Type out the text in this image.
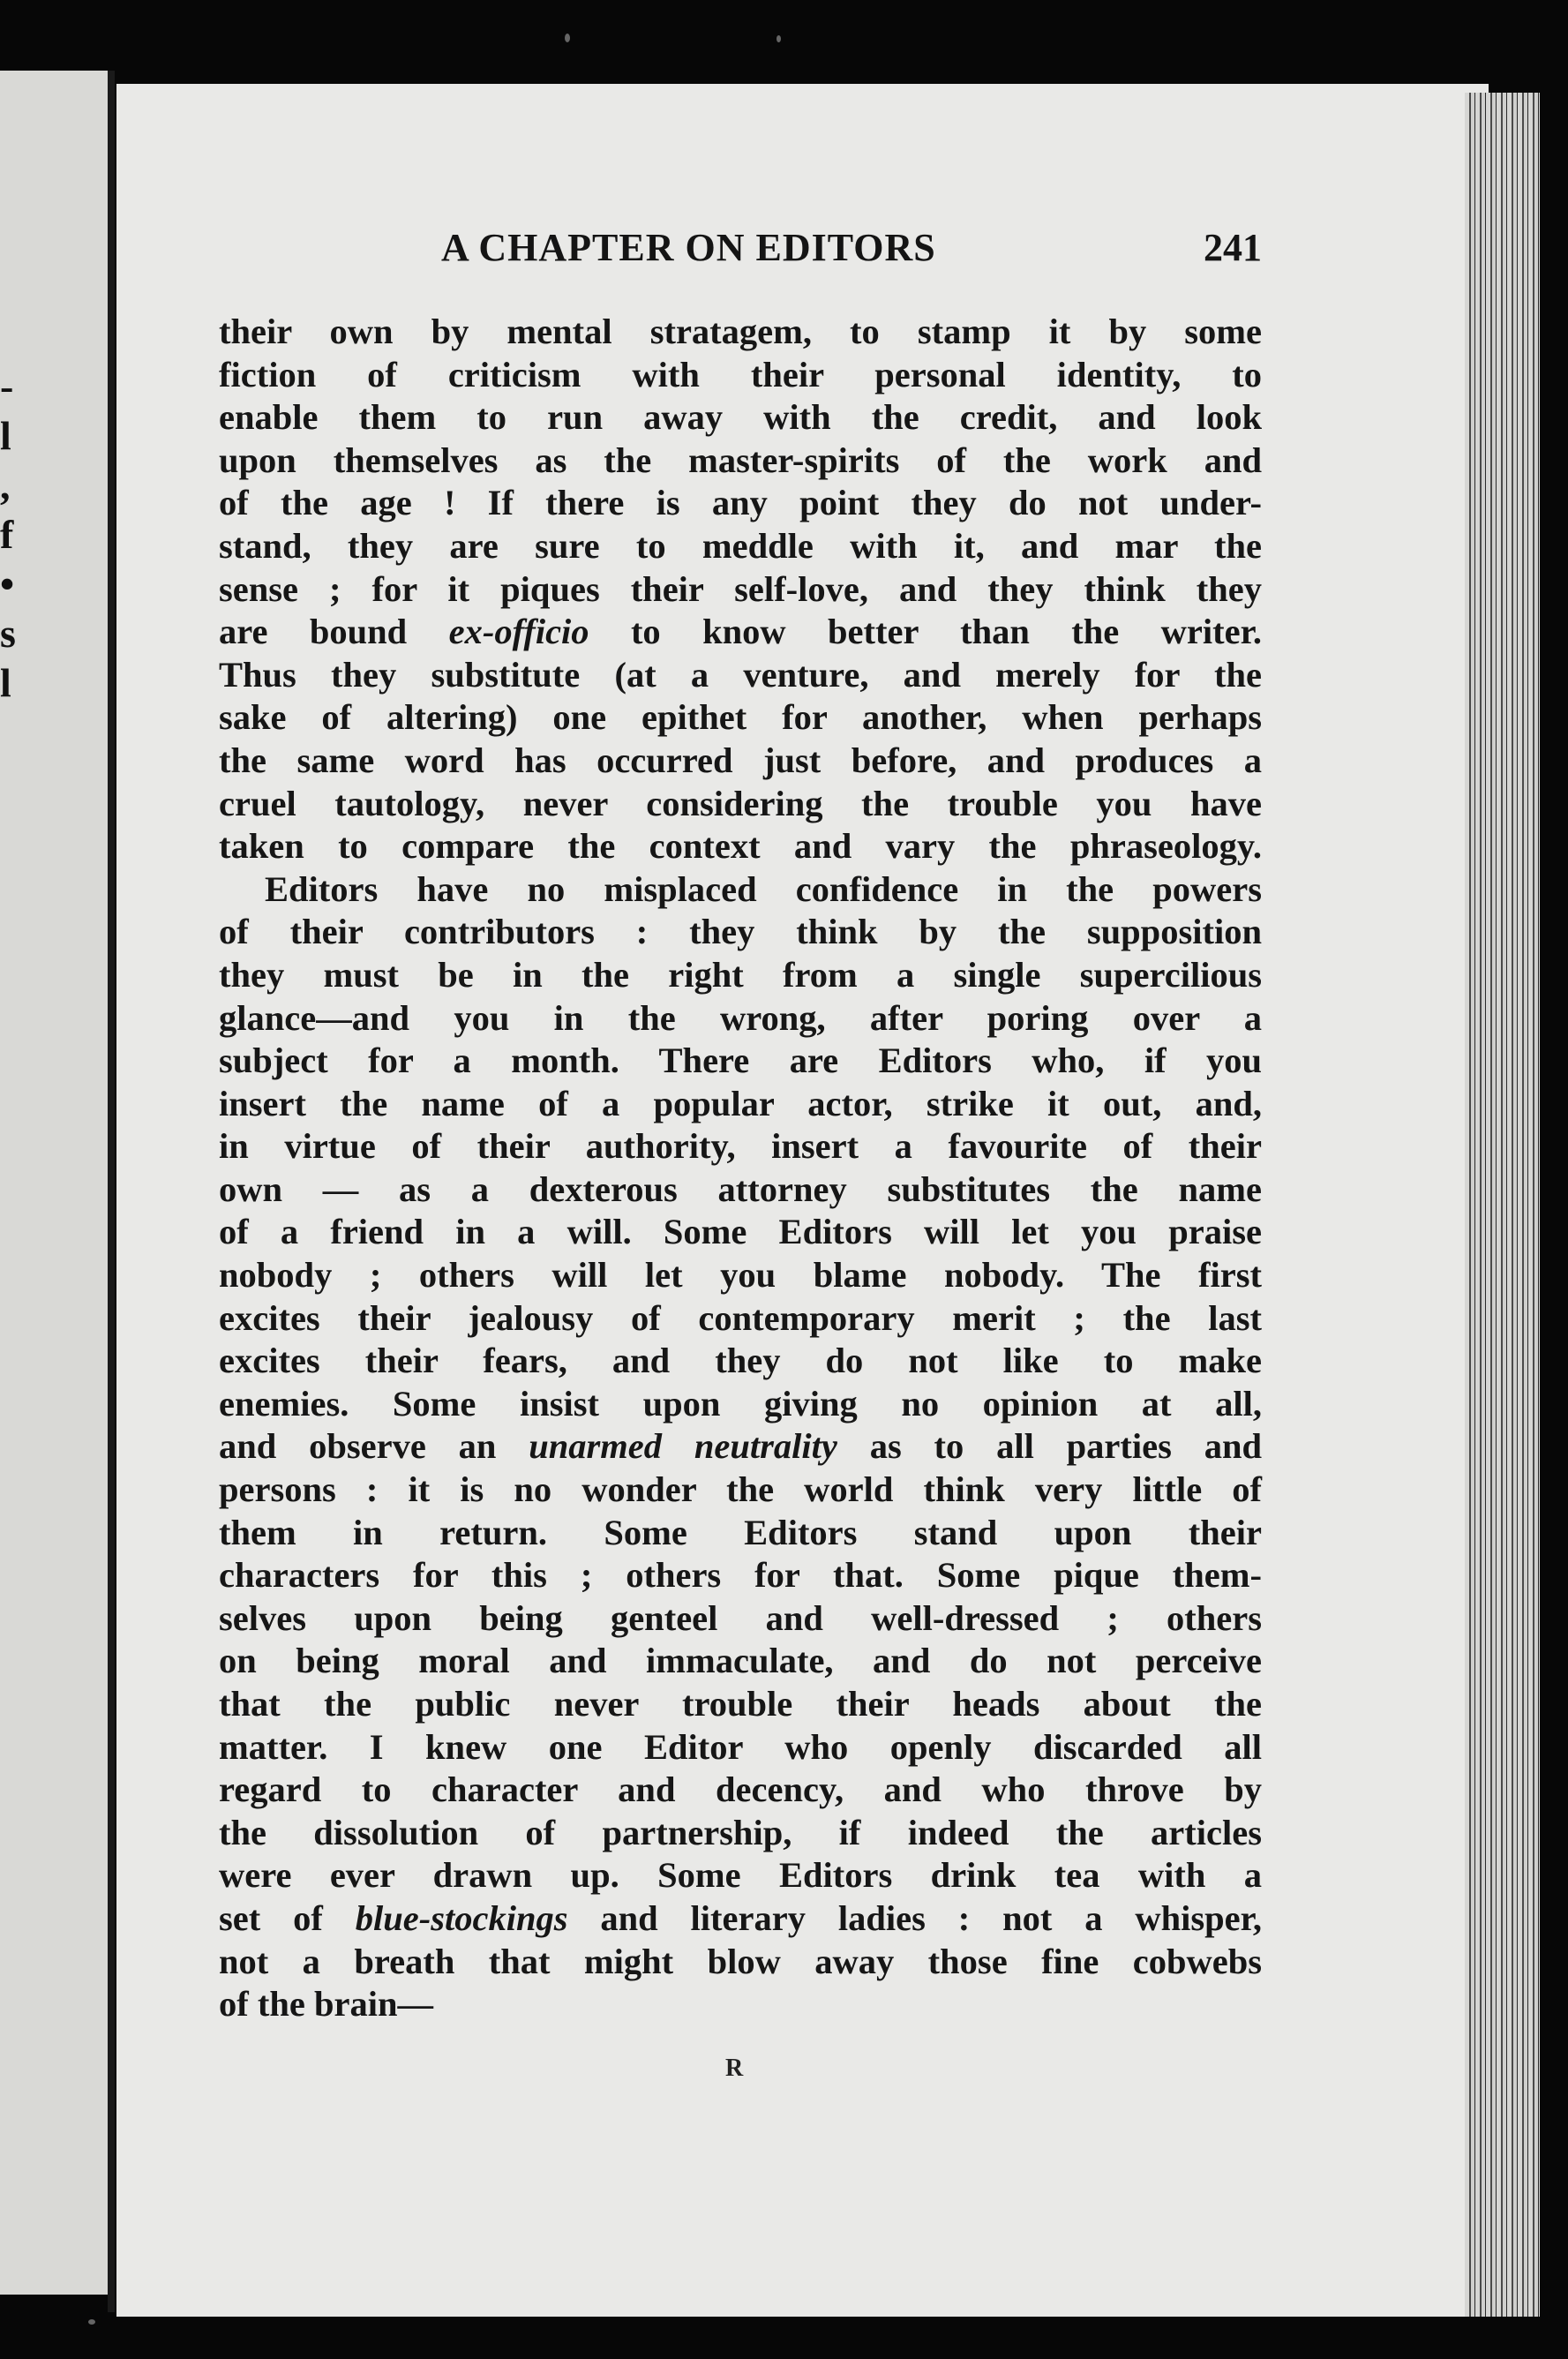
-
l
,
f
•
s
l
A CHAPTER ON EDITORS	241
their own by mental stratagem, to stamp it by some
fiction of criticism with their personal identity, to
enable them to run away with the credit, and look
upon themselves as the master-spirits of the work and
of the age ! If there is any point they do not under-
stand, they are sure to meddle with it, and mar the
sense ; for it piques their self-love, and they think they
are bound ex-officio to know better than the writer.
Thus they substitute (at a venture, and merely for the
sake of altering) one epithet for another, when perhaps
the same word has occurred just before, and produces a
cruel tautology, never considering the trouble you have
taken to compare the context and vary the phraseology.
Editors have no misplaced confidence in the powers
of their contributors : they think by the supposition
they must be in the right from a single supercilious
glance—and you in the wrong, after poring over a
subject for a month. There are Editors who, if you
insert the name of a popular actor, strike it out, and,
in virtue of their authority, insert a favourite of their
own — as a dexterous attorney substitutes the name
of a friend in a will. Some Editors will let you praise
nobody ; others will let you blame nobody. The first
excites their jealousy of contemporary merit ; the last
excites their fears, and they do not like to make
enemies. Some insist upon giving no opinion at all,
and observe an unarmed neutrality as to all parties and
persons : it is no wonder the world think very little of
them in return. Some Editors stand upon their
characters for this ; others for that. Some pique them-
selves upon being genteel and well-dressed ; others
on being moral and immaculate, and do not perceive
that the public never trouble their heads about the
matter. I knew one Editor who openly discarded all
regard to character and decency, and who throve by
the dissolution of partnership, if indeed the articles
were ever drawn up. Some Editors drink tea with a
set of blue-stockings and literary ladies : not a whisper,
not a breath that might blow away those fine cobwebs
of the brain—
R
